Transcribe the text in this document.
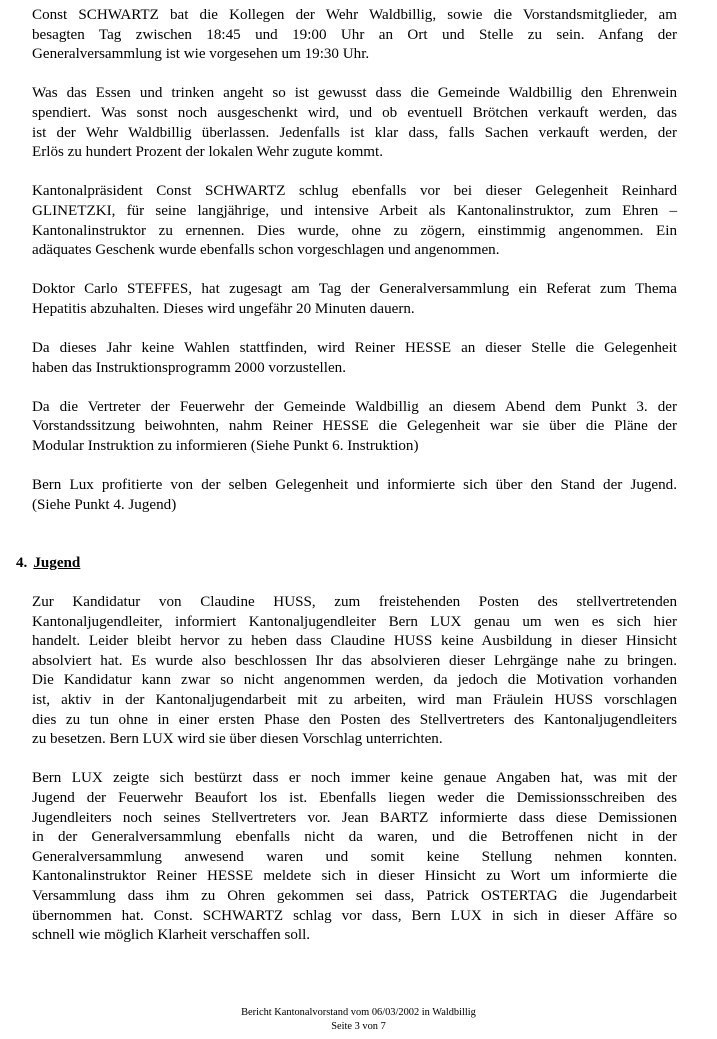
Const SCHWARTZ bat die Kollegen der Wehr Waldbillig, sowie die Vorstandsmitglieder, am
besagten Tag zwischen 18:45 und 19:00 Uhr an Ort und Stelle zu sein. Anfang der
Generalversammlung ist wie vorgesehen um 19:30 Uhr.

Was das Essen und trinken angeht so ist gewusst dass die Gemeinde Waldbillig den Ehrenwein
spendiert. Was sonst noch ausgeschenkt wird, und ob eventuell Brötchen verkauft werden, das
ist der Wehr Waldbillig überlassen. Jedenfalls ist klar dass, falls Sachen verkauft werden, der
Erlös zu hundert Prozent der lokalen Wehr zugute kommt.

Kantonalpräsident Const SCHWARTZ schlug ebenfalls vor bei dieser Gelegenheit Reinhard
GLINETZKI, für seine langjährige, und intensive Arbeit als Kantonalinstruktor, zum Ehren –
Kantonalinstruktor zu ernennen. Dies wurde, ohne zu zögern, einstimmig angenommen. Ein
adäquates Geschenk wurde ebenfalls schon vorgeschlagen und angenommen.

Doktor Carlo STEFFES, hat zugesagt am Tag der Generalversammlung ein Referat zum Thema
Hepatitis abzuhalten. Dieses wird ungefähr 20 Minuten dauern.

Da dieses Jahr keine Wahlen stattfinden, wird Reiner HESSE an dieser Stelle die Gelegenheit
haben das Instruktionsprogramm 2000 vorzustellen.

Da die Vertreter der Feuerwehr der Gemeinde Waldbillig an diesem Abend dem Punkt 3. der
Vorstandssitzung beiwohnten, nahm Reiner HESSE die Gelegenheit war sie über die Pläne der
Modular Instruktion zu informieren (Siehe Punkt 6. Instruktion)

Bern Lux profitierte von der selben Gelegenheit und informierte sich über den Stand der Jugend.
(Siehe Punkt 4. Jugend)

4. Jugend

Zur Kandidatur von Claudine HUSS, zum freistehenden Posten des stellvertretenden
Kantonaljugendleiter, informiert Kantonaljugendleiter Bern LUX genau um wen es sich hier
handelt. Leider bleibt hervor zu heben dass Claudine HUSS keine Ausbildung in dieser Hinsicht
absolviert hat. Es wurde also beschlossen Ihr das absolvieren dieser Lehrgänge nahe zu bringen.
Die Kandidatur kann zwar so nicht angenommen werden, da jedoch die Motivation vorhanden
ist, aktiv in der Kantonaljugendarbeit mit zu arbeiten, wird man Fräulein HUSS vorschlagen
dies zu tun ohne in einer ersten Phase den Posten des Stellvertreters des Kantonaljugendleiters
zu besetzen. Bern LUX wird sie über diesen Vorschlag unterrichten.

Bern LUX zeigte sich bestürzt dass er noch immer keine genaue Angaben hat, was mit der
Jugend der Feuerwehr Beaufort los ist. Ebenfalls liegen weder die Demissionsschreiben des
Jugendleiters noch seines Stellvertreters vor. Jean BARTZ informierte dass diese Demissionen
in der Generalversammlung ebenfalls nicht da waren, und die Betroffenen nicht in der
Generalversammlung anwesend waren und somit keine Stellung nehmen konnten.
Kantonalinstruktor Reiner HESSE meldete sich in dieser Hinsicht zu Wort um informierte die
Versammlung dass ihm zu Ohren gekommen sei dass, Patrick OSTERTAG die Jugendarbeit
übernommen hat. Const. SCHWARTZ schlag vor dass, Bern LUX in sich in dieser Affäre so
schnell wie möglich Klarheit verschaffen soll.

Bericht Kantonalvorstand vom 06/03/2002 in Waldbillig
Seite 3 von 7
